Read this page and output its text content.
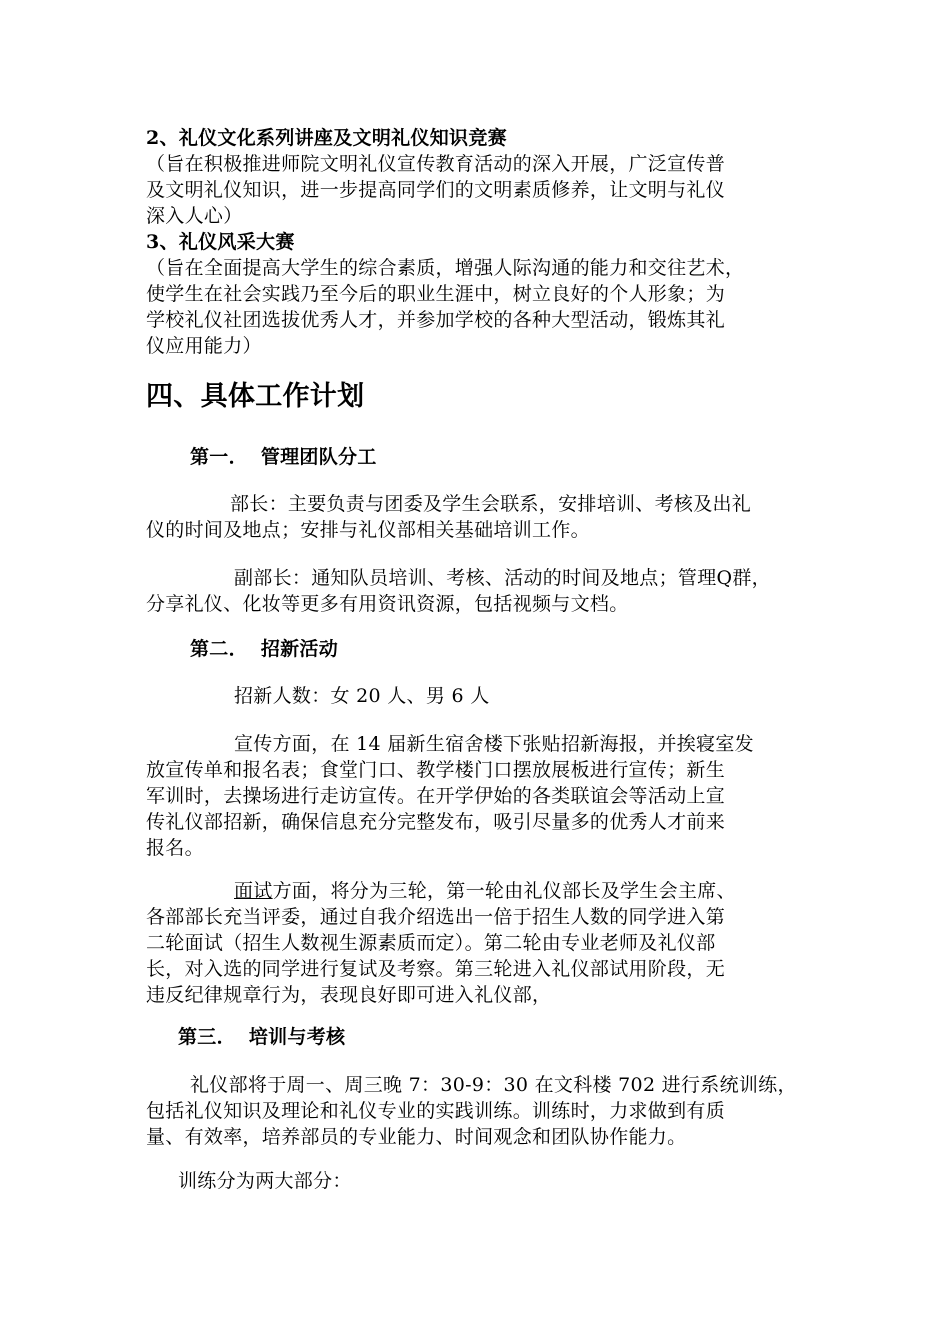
2、礼仪文化系列讲座及文明礼仪知识竞赛
（旨在积极推进师院文明礼仪宣传教育活动的深入开展，广泛宣传普
及文明礼仪知识，进一步提高同学们的文明素质修养，让文明与礼仪
深入人心）
3、礼仪风采大赛
（旨在全面提高大学生的综合素质，增强人际沟通的能力和交往艺术，
使学生在社会实践乃至今后的职业生涯中，树立良好的个人形象；为
学校礼仪社团选拔优秀人才，并参加学校的各种大型活动，锻炼其礼
仪应用能力）
四、具体工作计划
第一． 管理团队分工
部长：主要负责与团委及学生会联系，安排培训、考核及出礼
仪的时间及地点；安排与礼仪部相关基础培训工作。
副部长：通知队员培训、考核、活动的时间及地点；管理Q群，
分享礼仪、化妆等更多有用资讯资源，包括视频与文档。
第二． 招新活动
招新人数：女 20 人、男 6 人
宣传方面，在 14 届新生宿舍楼下张贴招新海报，并挨寝室发
放宣传单和报名表；食堂门口、教学楼门口摆放展板进行宣传；新生
军训时，去操场进行走访宣传。在开学伊始的各类联谊会等活动上宣
传礼仪部招新，确保信息充分完整发布，吸引尽量多的优秀人才前来
报名。
面试方面，将分为三轮，第一轮由礼仪部长及学生会主席、
各部部长充当评委，通过自我介绍选出一倍于招生人数的同学进入第
二轮面试（招生人数视生源素质而定）。第二轮由专业老师及礼仪部
长，对入选的同学进行复试及考察。第三轮进入礼仪部试用阶段，无
违反纪律规章行为，表现良好即可进入礼仪部，
第三． 培训与考核
礼仪部将于周一、周三晚 7：30-9：30 在文科楼 702 进行系统训练，
包括礼仪知识及理论和礼仪专业的实践训练。训练时，力求做到有质
量、有效率，培养部员的专业能力、时间观念和团队协作能力。
训练分为两大部分：
